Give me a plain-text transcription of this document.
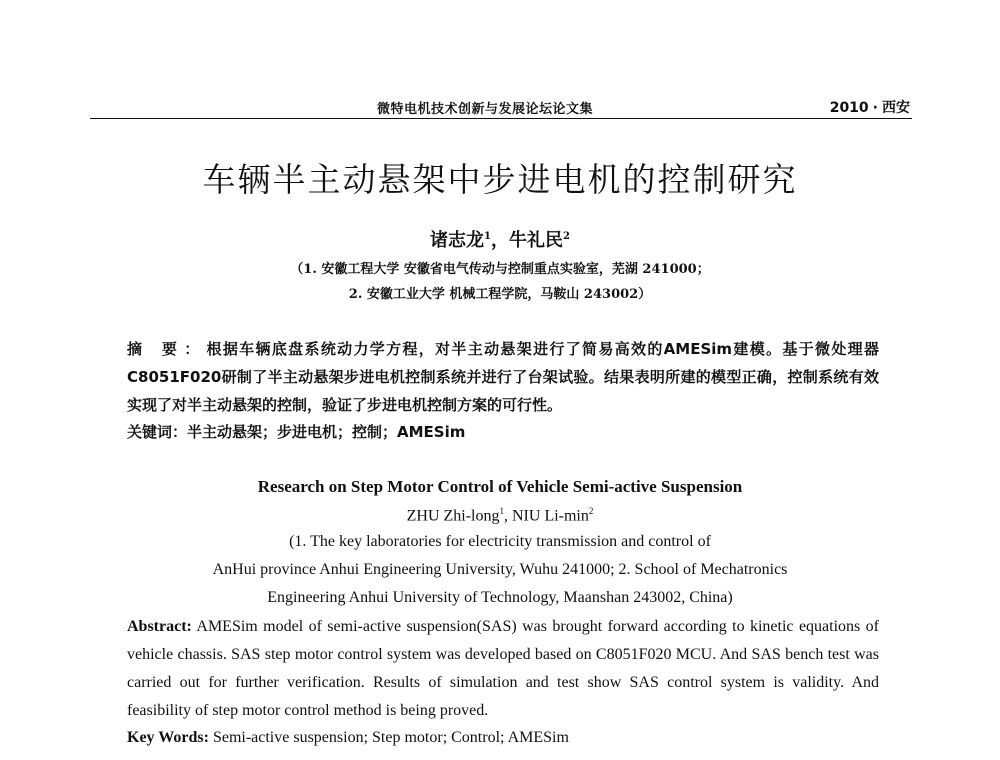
微特电机技术创新与发展论坛论文集	2010 · 西安
车辆半主动悬架中步进电机的控制研究
诸志龙$^1$，牛礼民$^2$
（1. 安徽工程大学 安徽省电气传动与控制重点实验室，芜湖 241000；
2. 安徽工业大学 机械工程学院，马鞍山 243002）
摘 要：根据车辆底盘系统动力学方程，对半主动悬架进行了简易高效的AMESim建模。基于微处理器C8051F020研制了半主动悬架步进电机控制系统并进行了台架试验。结果表明所建的模型正确，控制系统有效实现了对半主动悬架的控制，验证了步进电机控制方案的可行性。
关键词：半主动悬架；步进电机；控制；AMESim
Research on Step Motor Control of Vehicle Semi-active Suspension
ZHU Zhi-long$^1$, NIU $Li-\min^2$
(1. The key laboratories for electricity transmission and control of
AnHui province Anhui Engineering University, Wuhu 241000; 2. School of Mechatronics
Engineering Anhui University of Technology, Maanshan 243002, China)
Abstract: AMESim model of semi-active suspension(SAS) was brought forward according to kinetic equations of vehicle chassis. SAS step motor control system was developed based on C8051F020 MCU. And SAS bench test was carried out for further verification. Results of simulation and test show SAS control system is validity. And feasibility of step motor control method is being proved.
Key Words: Semi-active suspension; Step motor; Control; AMESim
